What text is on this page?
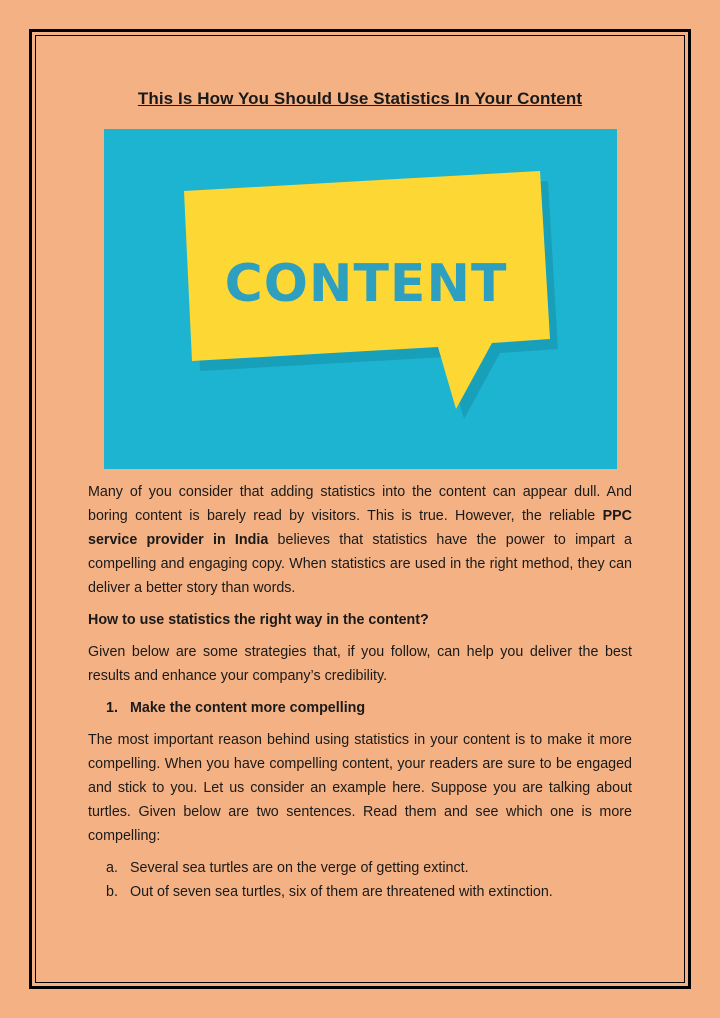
This Is How You Should Use Statistics In Your Content
CONTENT

Many of you consider that adding statistics into the content can appear dull. And boring content is barely read by visitors. This is true. However, the reliable PPC service provider in India believes that statistics have the power to impart a compelling and engaging copy. When statistics are used in the right method, they can deliver a better story than words.

How to use statistics the right way in the content?

Given below are some strategies that, if you follow, can help you deliver the best results and enhance your company’s credibility.

1. Make the content more compelling

The most important reason behind using statistics in your content is to make it more compelling. When you have compelling content, your readers are sure to be engaged and stick to you. Let us consider an example here. Suppose you are talking about turtles. Given below are two sentences. Read them and see which one is more compelling:

a. Several sea turtles are on the verge of getting extinct.
b. Out of seven sea turtles, six of them are threatened with extinction.
